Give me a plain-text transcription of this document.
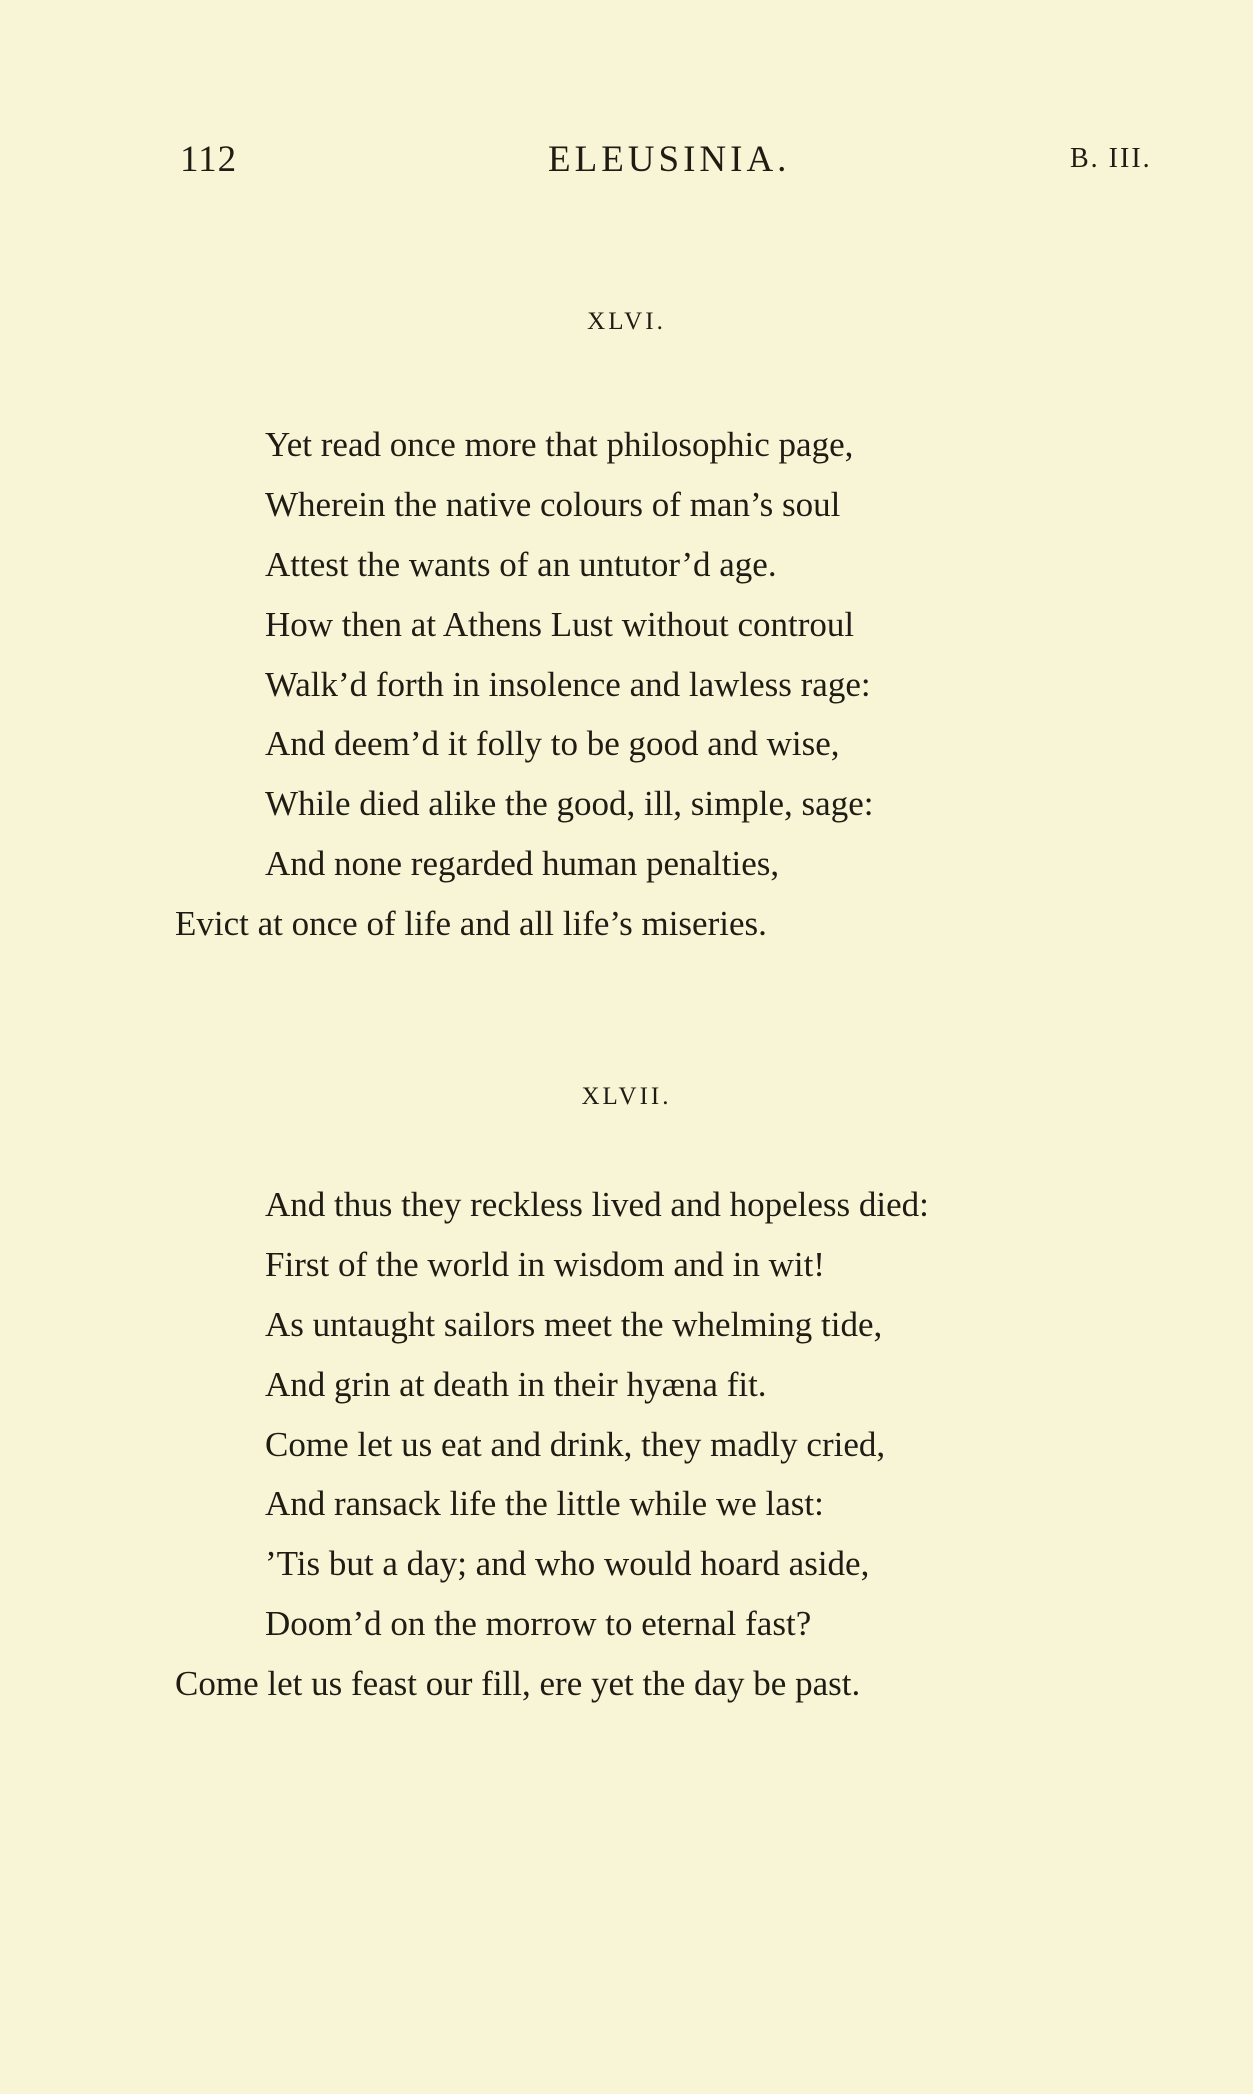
112	ELEUSINIA.	B. III.
XLVI.
Yet read once more that philosophic page,
Wherein the native colours of man’s soul
Attest the wants of an untutor’d age.
How then at Athens Lust without controul
Walk’d forth in insolence and lawless rage:
And deem’d it folly to be good and wise,
While died alike the good, ill, simple, sage:
And none regarded human penalties,
Evict at once of life and all life’s miseries.
XLVII.
And thus they reckless lived and hopeless died:
First of the world in wisdom and in wit!
As untaught sailors meet the whelming tide,
And grin at death in their hyæna fit.
Come let us eat and drink, they madly cried,
And ransack life the little while we last:
’Tis but a day; and who would hoard aside,
Doom’d on the morrow to eternal fast?
Come let us feast our fill, ere yet the day be past.
